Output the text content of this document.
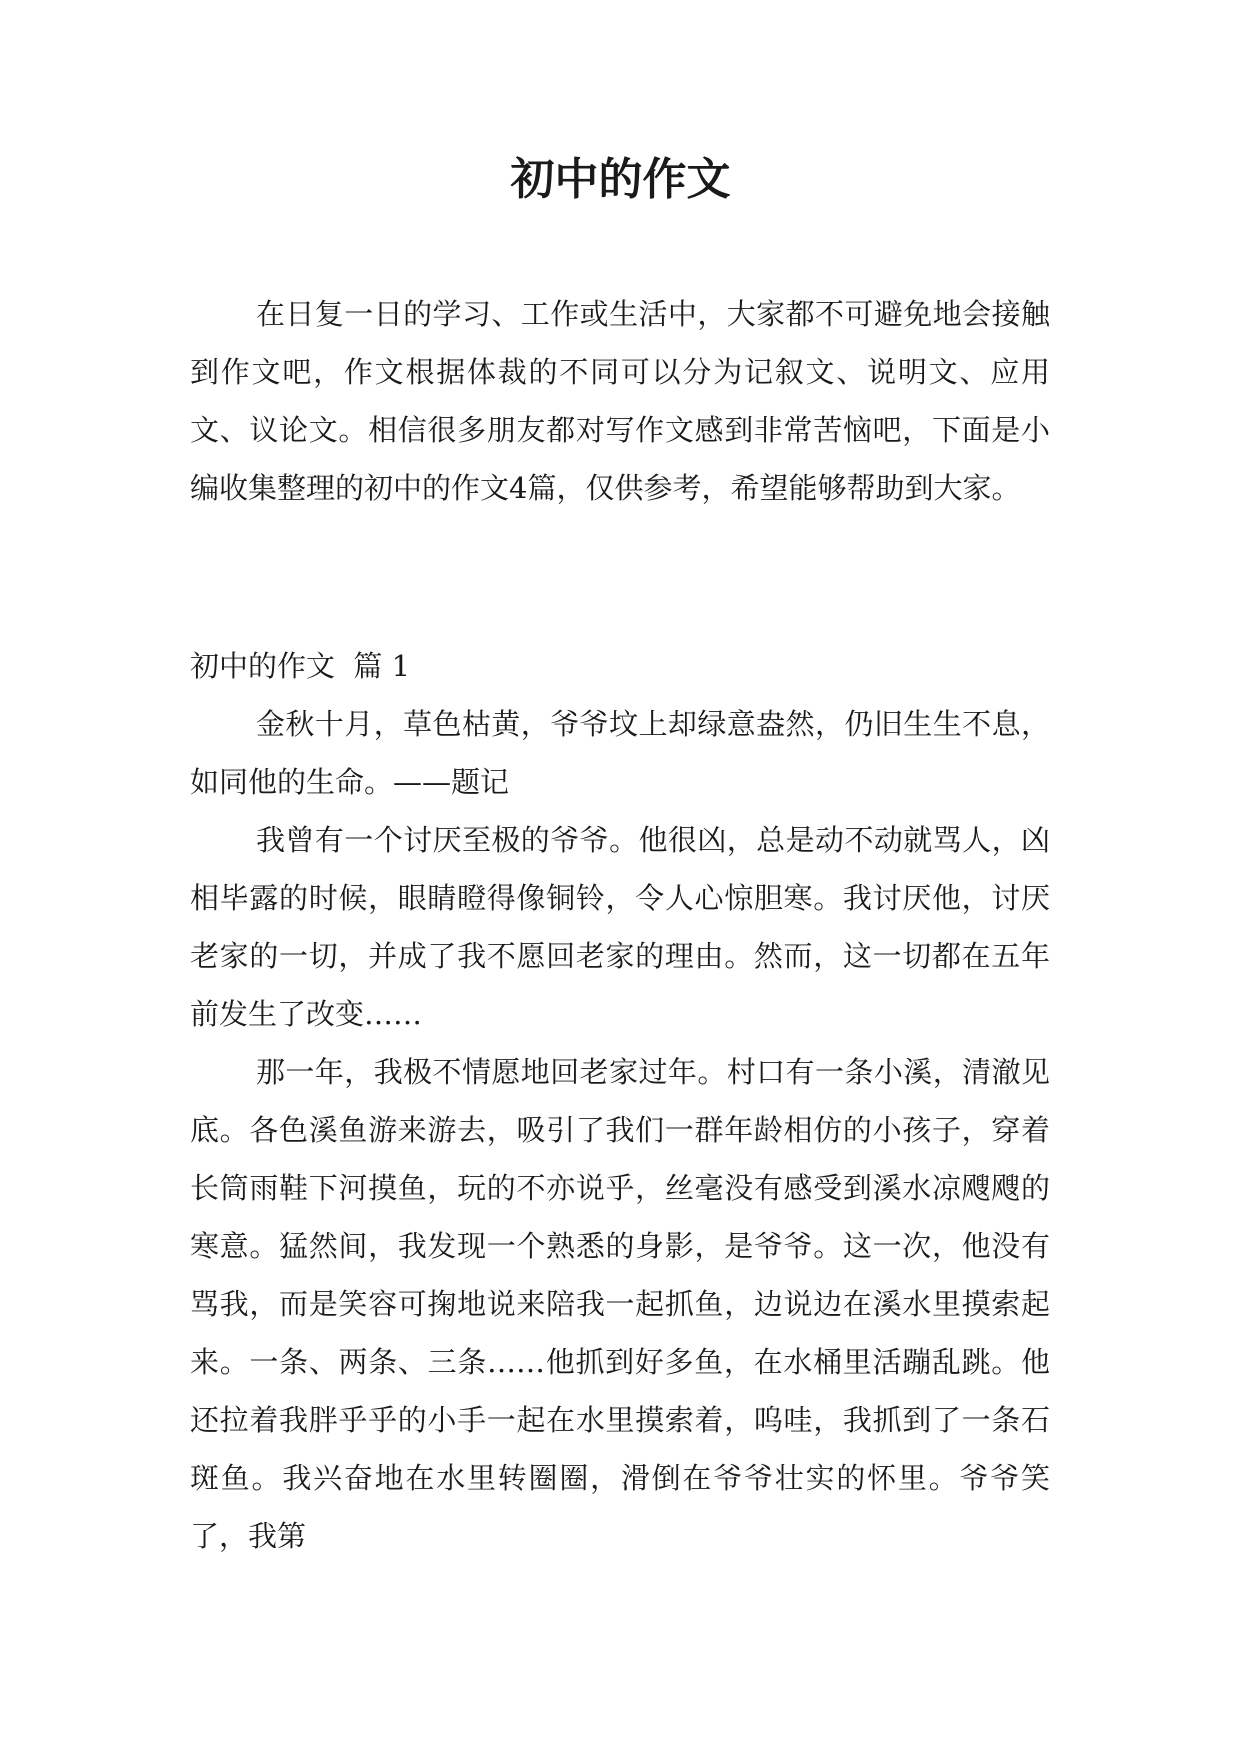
初中的作文

在日复一日的学习、工作或生活中，大家都不可避免地会接触到作文吧，作文根据体裁的不同可以分为记叙文、说明文、应用文、议论文。相信很多朋友都对写作文感到非常苦恼吧，下面是小编收集整理的初中的作文4篇，仅供参考，希望能够帮助到大家。

初中的作文  篇 1

金秋十月，草色枯黄，爷爷坟上却绿意盎然，仍旧生生不息，如同他的生命。——题记

我曾有一个讨厌至极的爷爷。他很凶，总是动不动就骂人，凶相毕露的时候，眼睛瞪得像铜铃，令人心惊胆寒。我讨厌他，讨厌老家的一切，并成了我不愿回老家的理由。然而，这一切都在五年前发生了改变……

那一年，我极不情愿地回老家过年。村口有一条小溪，清澈见底。各色溪鱼游来游去，吸引了我们一群年龄相仿的小孩子，穿着长筒雨鞋下河摸鱼，玩的不亦说乎，丝毫没有感受到溪水凉飕飕的寒意。猛然间，我发现一个熟悉的身影，是爷爷。这一次，他没有骂我，而是笑容可掬地说来陪我一起抓鱼，边说边在溪水里摸索起来。一条、两条、三条……他抓到好多鱼，在水桶里活蹦乱跳。他还拉着我胖乎乎的小手一起在水里摸索着，呜哇，我抓到了一条石斑鱼。我兴奋地在水里转圈圈，滑倒在爷爷壮实的怀里。爷爷笑了，我第
